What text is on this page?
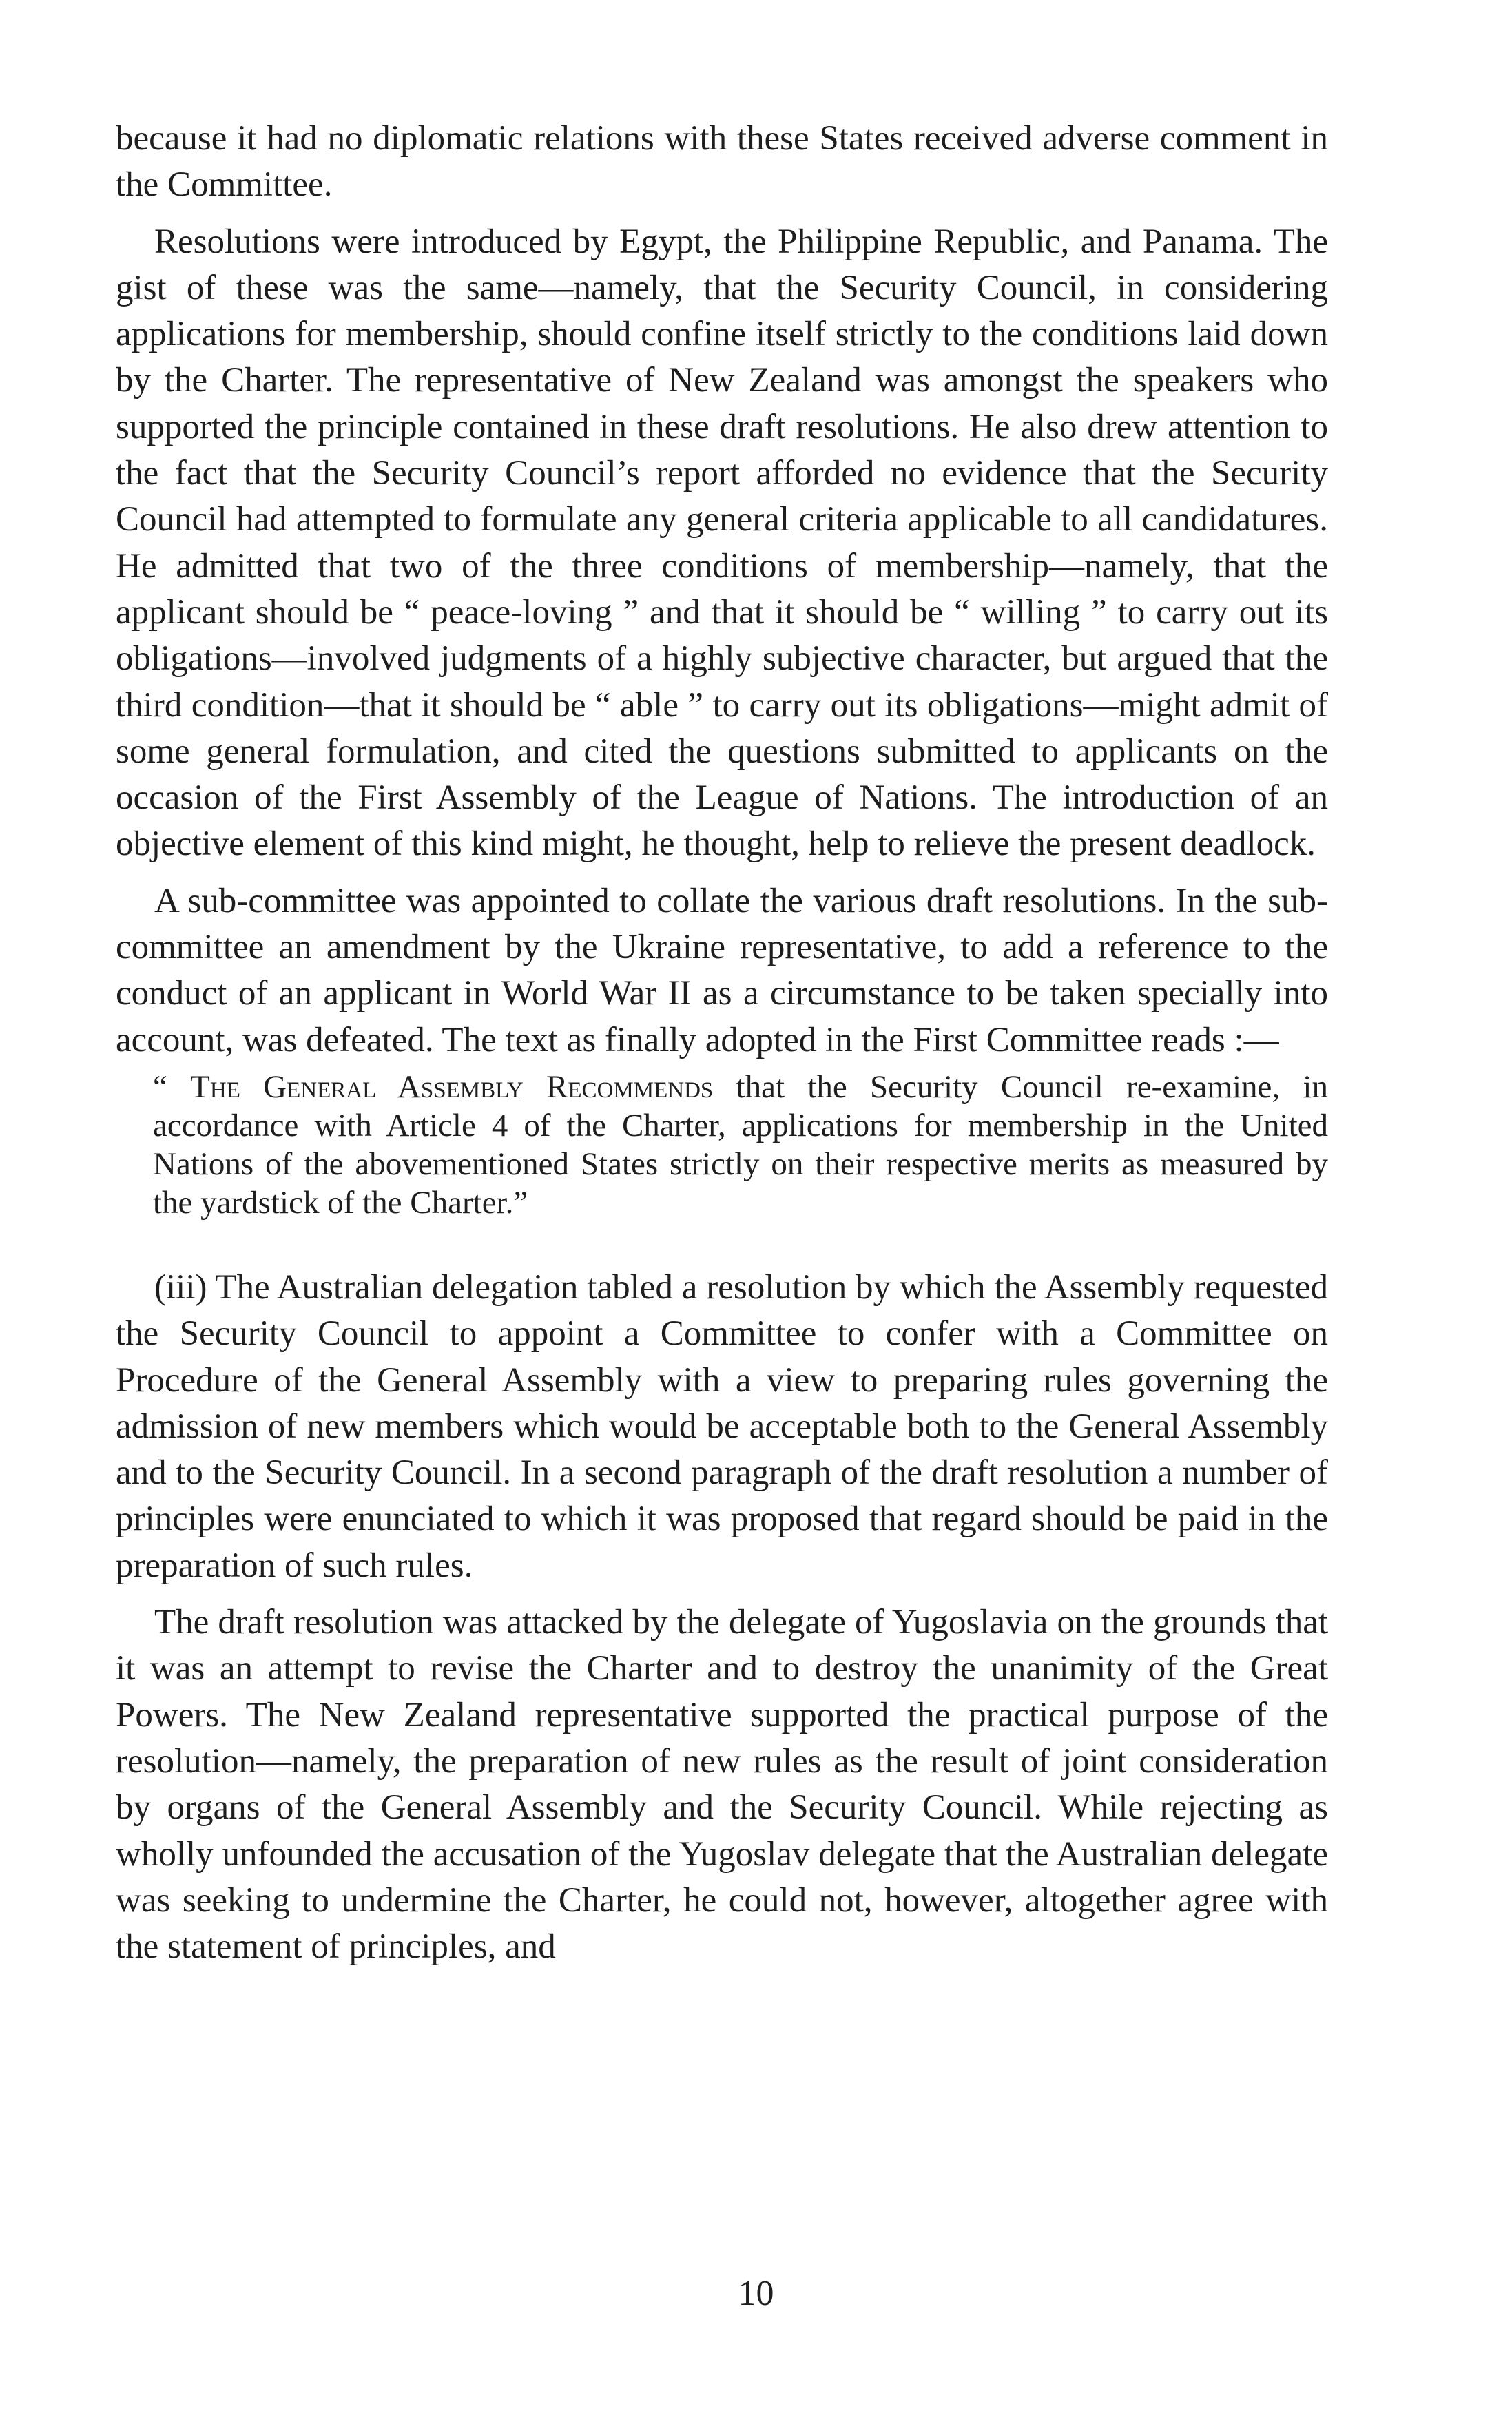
because it had no diplomatic relations with these States received adverse comment in the Committee.

Resolutions were introduced by Egypt, the Philippine Republic, and Panama. The gist of these was the same—namely, that the Security Council, in considering applications for membership, should confine itself strictly to the conditions laid down by the Charter. The representative of New Zealand was amongst the speakers who supported the principle contained in these draft resolutions. He also drew attention to the fact that the Security Council’s report afforded no evidence that the Security Council had attempted to formulate any general criteria applicable to all candidatures. He admitted that two of the three conditions of membership—namely, that the applicant should be “ peace-loving ” and that it should be “ willing ” to carry out its obligations—involved judgments of a highly subjective character, but argued that the third condition—that it should be “ able ” to carry out its obligations—might admit of some general formulation, and cited the questions submitted to applicants on the occasion of the First Assembly of the League of Nations. The introduction of an objective element of this kind might, he thought, help to relieve the present deadlock.

A sub-committee was appointed to collate the various draft resolutions. In the sub-committee an amendment by the Ukraine representative, to add a reference to the conduct of an applicant in World War II as a circumstance to be taken specially into account, was defeated. The text as finally adopted in the First Committee reads :—

“ The General Assembly Recommends that the Security Council re-examine, in accordance with Article 4 of the Charter, applications for membership in the United Nations of the abovementioned States strictly on their respective merits as measured by the yardstick of the Charter.”

(iii) The Australian delegation tabled a resolution by which the Assembly requested the Security Council to appoint a Committee to confer with a Committee on Procedure of the General Assembly with a view to preparing rules governing the admission of new members which would be acceptable both to the General Assembly and to the Security Council. In a second paragraph of the draft resolution a number of principles were enunciated to which it was proposed that regard should be paid in the preparation of such rules.

The draft resolution was attacked by the delegate of Yugoslavia on the grounds that it was an attempt to revise the Charter and to destroy the unanimity of the Great Powers. The New Zealand representative supported the practical purpose of the resolution—namely, the preparation of new rules as the result of joint consideration by organs of the General Assembly and the Security Council. While rejecting as wholly unfounded the accusation of the Yugoslav delegate that the Australian delegate was seeking to undermine the Charter, he could not, however, altogether agree with the statement of principles, and

10
